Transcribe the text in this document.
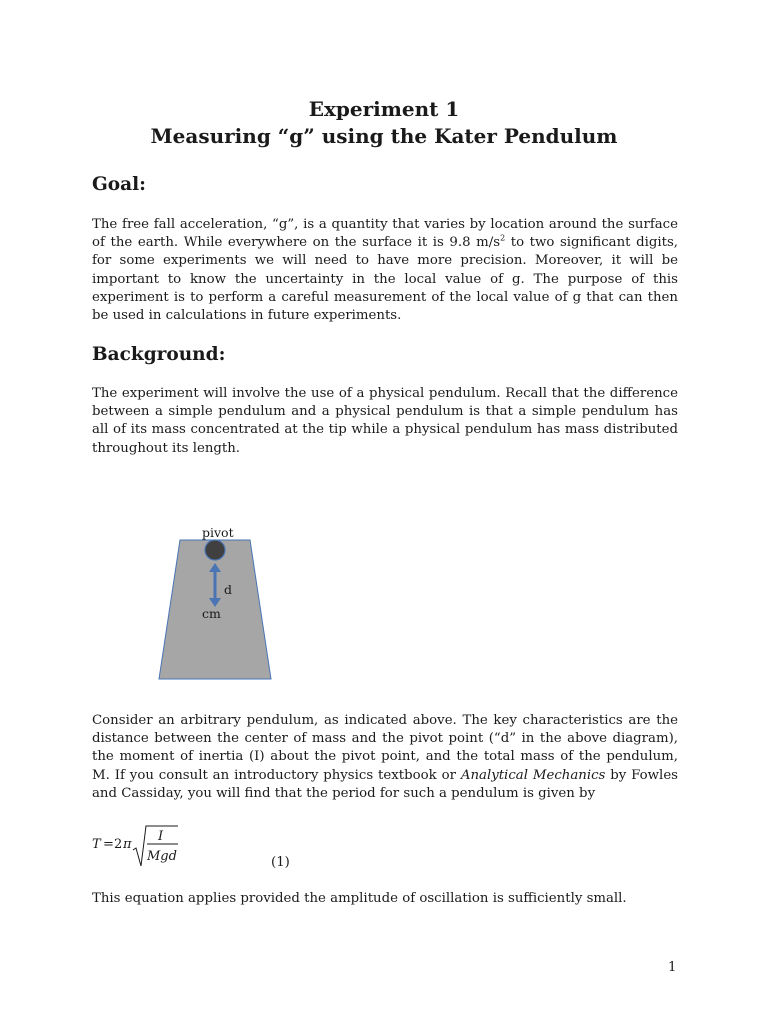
Experiment 1
Measuring “g” using the Kater Pendulum
Goal:
The free fall acceleration, “g”, is a quantity that varies by location around the surface of the earth. While everywhere on the surface it is 9.8 $m/s^2$ to two significant digits, for some experiments we will need to have more precision. Moreover, it will be important to know the uncertainty in the local value of g. The purpose of this experiment is to perform a careful measurement of the local value of g that can then be used in calculations in future experiments.
Background:
The experiment will involve the use of a physical pendulum. Recall that the difference between a simple pendulum and a physical pendulum is that a simple pendulum has all of its mass concentrated at the tip while a physical pendulum has mass distributed throughout its length.
pivot
d
cm
Consider an arbitrary pendulum, as indicated above. The key characteristics are the distance between the center of mass and the pivot point (“d” in the above diagram), the moment of inertia (I) about the pivot point, and the total mass of the pendulum, M. If you consult an introductory physics textbook or Analytical Mechanics by Fowles and Cassiday, you will find that the period for such a pendulum is given by
T = 2 π
I
Mgd	(1)
This equation applies provided the amplitude of oscillation is sufficiently small.
1
